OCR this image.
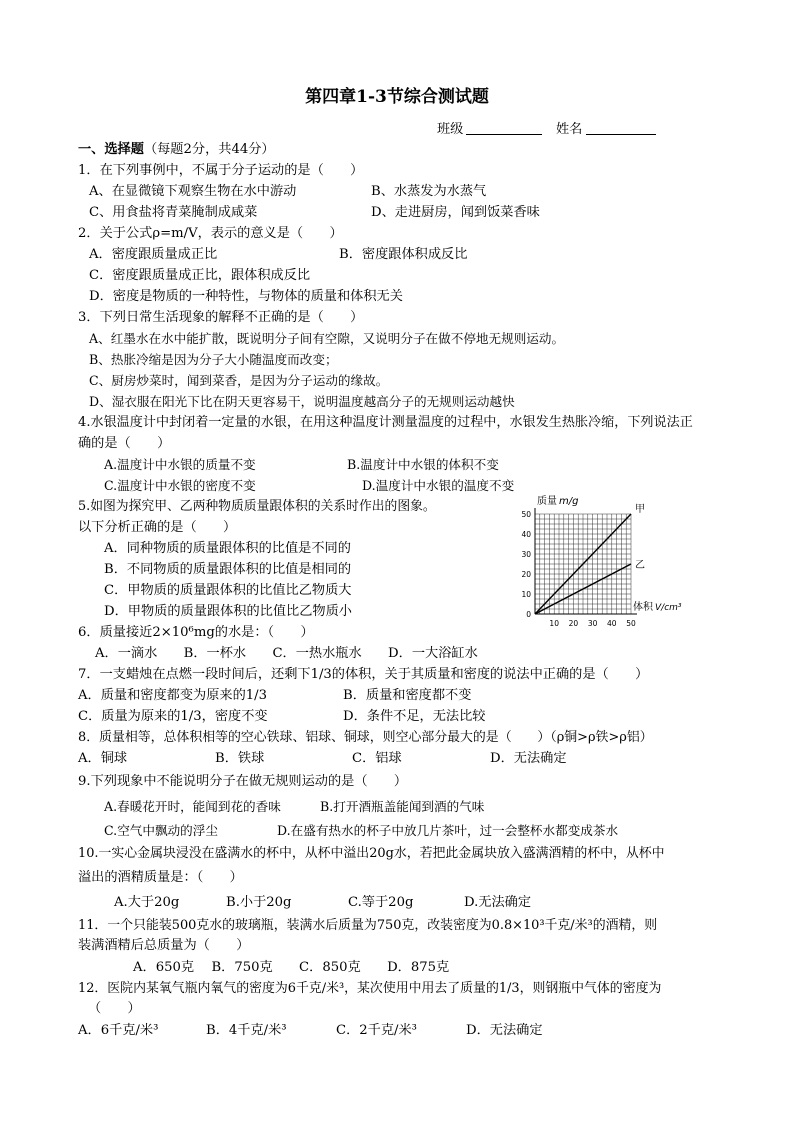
第四章1-3节综合测试题
班级	姓名
一、选择题（每题2分，共44分）
1．在下列事例中，不属于分子运动的是（　　）
A、在显微镜下观察生物在水中游动	B、水蒸发为水蒸气
C、用食盐将青菜腌制成咸菜	D、走进厨房，闻到饭菜香味
2．关于公式ρ=m/V，表示的意义是（　　）
A．密度跟质量成正比	B．密度跟体积成反比
C．密度跟质量成正比，跟体积成反比
D．密度是物质的一种特性，与物体的质量和体积无关
3．下列日常生活现象的解释不正确的是（　　）
A、红墨水在水中能扩散，既说明分子间有空隙，又说明分子在做不停地无规则运动。
B、热胀冷缩是因为分子大小随温度而改变；
C、厨房炒菜时，闻到菜香，是因为分子运动的缘故。
D、湿衣服在阳光下比在阴天更容易干，说明温度越高分子的无规则运动越快
4.水银温度计中封闭着一定量的水银，在用这种温度计测量温度的过程中，水银发生热胀冷缩，下列说法正
确的是（　　）
A.温度计中水银的质量不变	B.温度计中水银的体积不变
C.温度计中水银的密度不变	D.温度计中水银的温度不变
5.如图为探究甲、乙两种物质质量跟体积的关系时作出的图象。
以下分析正确的是（　　）
A．同种物质的质量跟体积的比值是不同的
B．不同物质的质量跟体积的比值是相同的
C．甲物质的质量跟体积的比值比乙物质大
D．甲物质的质量跟体积的比值比乙物质小
甲
乙
10 20 30 40 50
0
10
20
30
40
50
质量 m/g
体积 V/cm³
6．质量接近2×10⁶mg的水是：（　　）
A．一滴水　　B．一杯水　　C．一热水瓶水　　D．一大浴缸水
7．一支蜡烛在点燃一段时间后，还剩下1/3的体积，关于其质量和密度的说法中正确的是（　　）
A．质量和密度都变为原来的1/3	B．质量和密度都不变
C．质量为原来的1/3，密度不变	D．条件不足，无法比较
8．质量相等，总体积相等的空心铁球、铝球、铜球，则空心部分最大的是（　　）（ρ铜>ρ铁>ρ铝）
A．铜球	B．铁球	C．铝球	D．无法确定
9.下列现象中不能说明分子在做无规则运动的是（　　）
A.春暖花开时，能闻到花的香味	B.打开酒瓶盖能闻到酒的气味
C.空气中飘动的浮尘	D.在盛有热水的杯子中放几片茶叶，过一会整杯水都变成茶水
10.一实心金属块浸没在盛满水的杯中，从杯中溢出20g水，若把此金属块放入盛满酒精的杯中，从杯中
溢出的酒精质量是：（　　）
A.大于20g	B.小于20g	C.等于20g	D.无法确定
11．一个只能装500克水的玻璃瓶，装满水后质量为750克，改装密度为0.8×10³千克/米³的酒精，则
装满酒精后总质量为（　　）
A．650克　 B．750克　　C．850克　　D．875克
12．医院内某氧气瓶内氧气的密度为6千克/米³，某次使用中用去了质量的1/3，则钢瓶中气体的密度为
（　　）
A．6千克/米³	B．4千克/米³	C．2千克/米³	D．无法确定
